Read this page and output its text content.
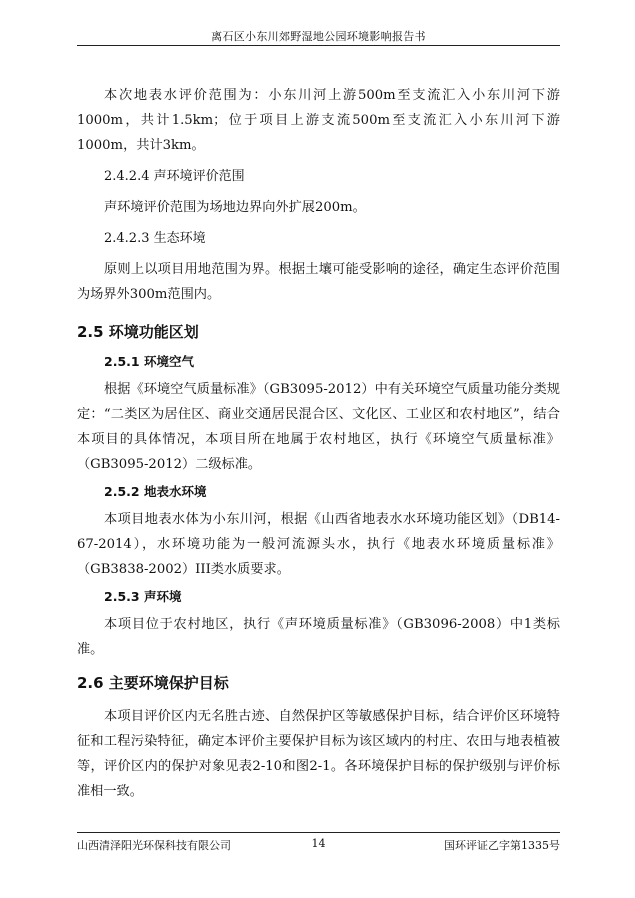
离石区小东川郊野湿地公园环境影响报告书

本次地表水评价范围为：小东川河上游500m至支流汇入小东川河下游1000m，共计1.5km；位于项目上游支流500m至支流汇入小东川河下游1000m，共计3km。

2.4.2.4 声环境评价范围

声环境评价范围为场地边界向外扩展200m。

2.4.2.3 生态环境

原则上以项目用地范围为界。根据土壤可能受影响的途径，确定生态评价范围为场界外300m范围内。

2.5 环境功能区划
2.5.1 环境空气

根据《环境空气质量标准》（GB3095-2012）中有关环境空气质量功能分类规定：“二类区为居住区、商业交通居民混合区、文化区、工业区和农村地区”，结合本项目的具体情况，本项目所在地属于农村地区，执行《环境空气质量标准》（GB3095-2012）二级标准。

2.5.2 地表水环境

本项目地表水体为小东川河，根据《山西省地表水水环境功能区划》（DB14-67-2014），水环境功能为一般河流源头水，执行《地表水环境质量标准》（GB3838-2002）III类水质要求。

2.5.3 声环境

本项目位于农村地区，执行《声环境质量标准》（GB3096-2008）中1类标准。

2.6 主要环境保护目标

本项目评价区内无名胜古迹、自然保护区等敏感保护目标，结合评价区环境特征和工程污染特征，确定本评价主要保护目标为该区域内的村庄、农田与地表植被等，评价区内的保护对象见表2-10和图2-1。各环境保护目标的保护级别与评价标准相一致。

山西清泽阳光环保科技有限公司	14	国环评证乙字第1335号
